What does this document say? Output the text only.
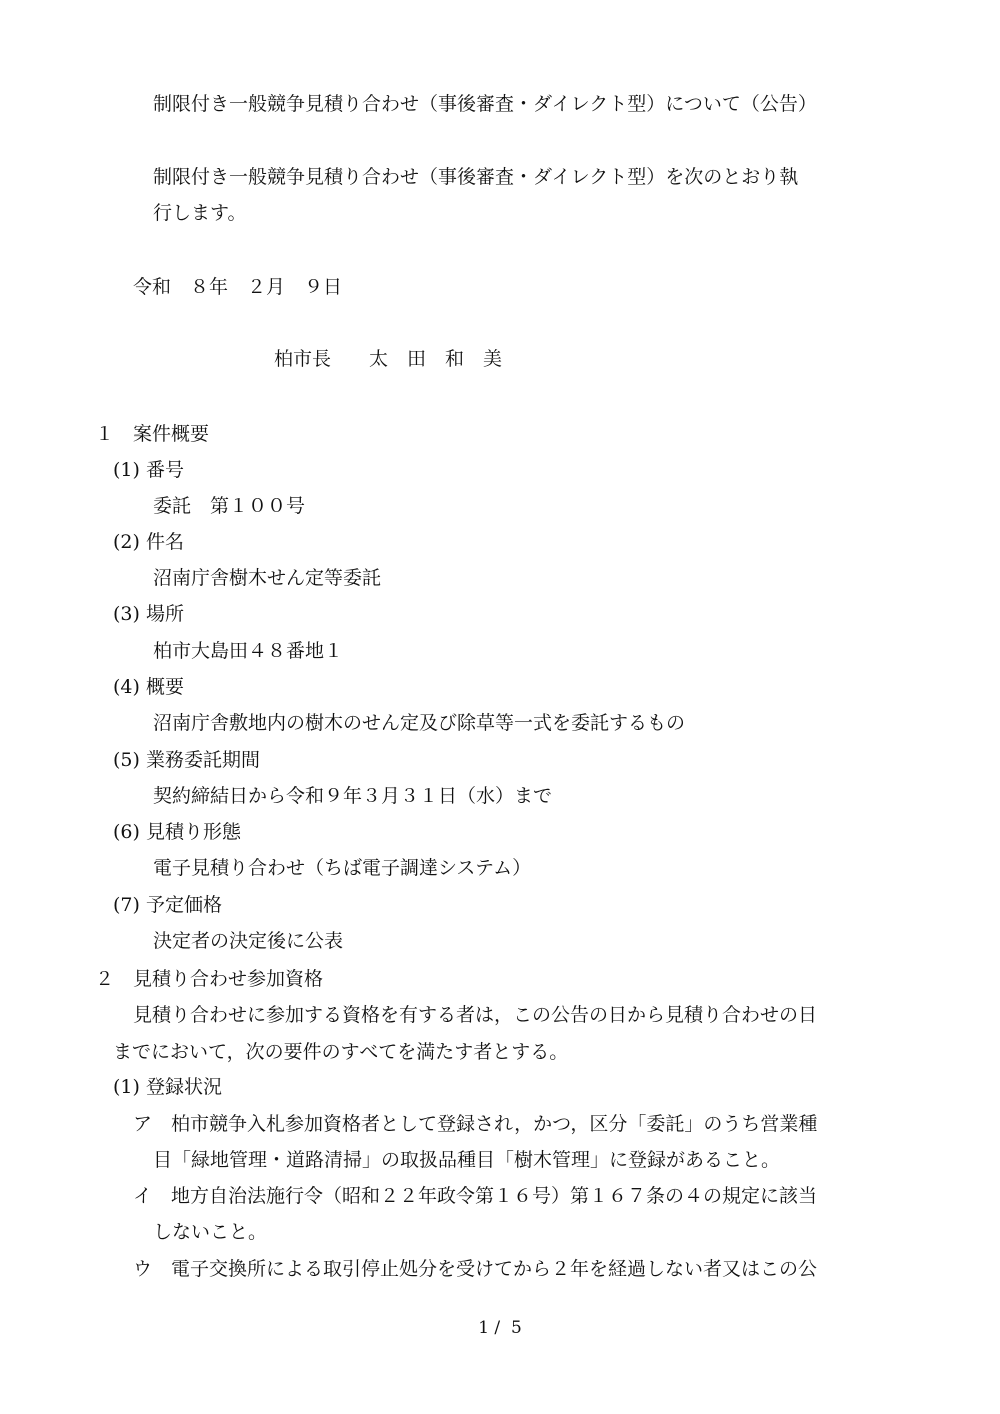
制限付き一般競争見積り合わせ（事後審査・ダイレクト型）について（公告）

制限付き一般競争見積り合わせ（事後審査・ダイレクト型）を次のとおり執

行します。

令和　８年　２月　９日

柏市長　　太　田　和　美

１　案件概要

(1) 番号

委託　第１００号

(2) 件名

沼南庁舎樹木せん定等委託

(3) 場所

柏市大島田４８番地１

(4) 概要

沼南庁舎敷地内の樹木のせん定及び除草等一式を委託するもの

(5) 業務委託期間

契約締結日から令和９年３月３１日（水）まで

(6) 見積り形態

電子見積り合わせ（ちば電子調達システム）

(7) 予定価格

決定者の決定後に公表

２　見積り合わせ参加資格

見積り合わせに参加する資格を有する者は，この公告の日から見積り合わせの日

までにおいて，次の要件のすべてを満たす者とする。

(1) 登録状況

ア　柏市競争入札参加資格者として登録され，かつ，区分「委託」のうち営業種

目「緑地管理・道路清掃」の取扱品種目「樹木管理」に登録があること。

イ　地方自治法施行令（昭和２２年政令第１６号）第１６７条の４の規定に該当

しないこと。

ウ　電子交換所による取引停止処分を受けてから２年を経過しない者又はこの公

1 /  5
